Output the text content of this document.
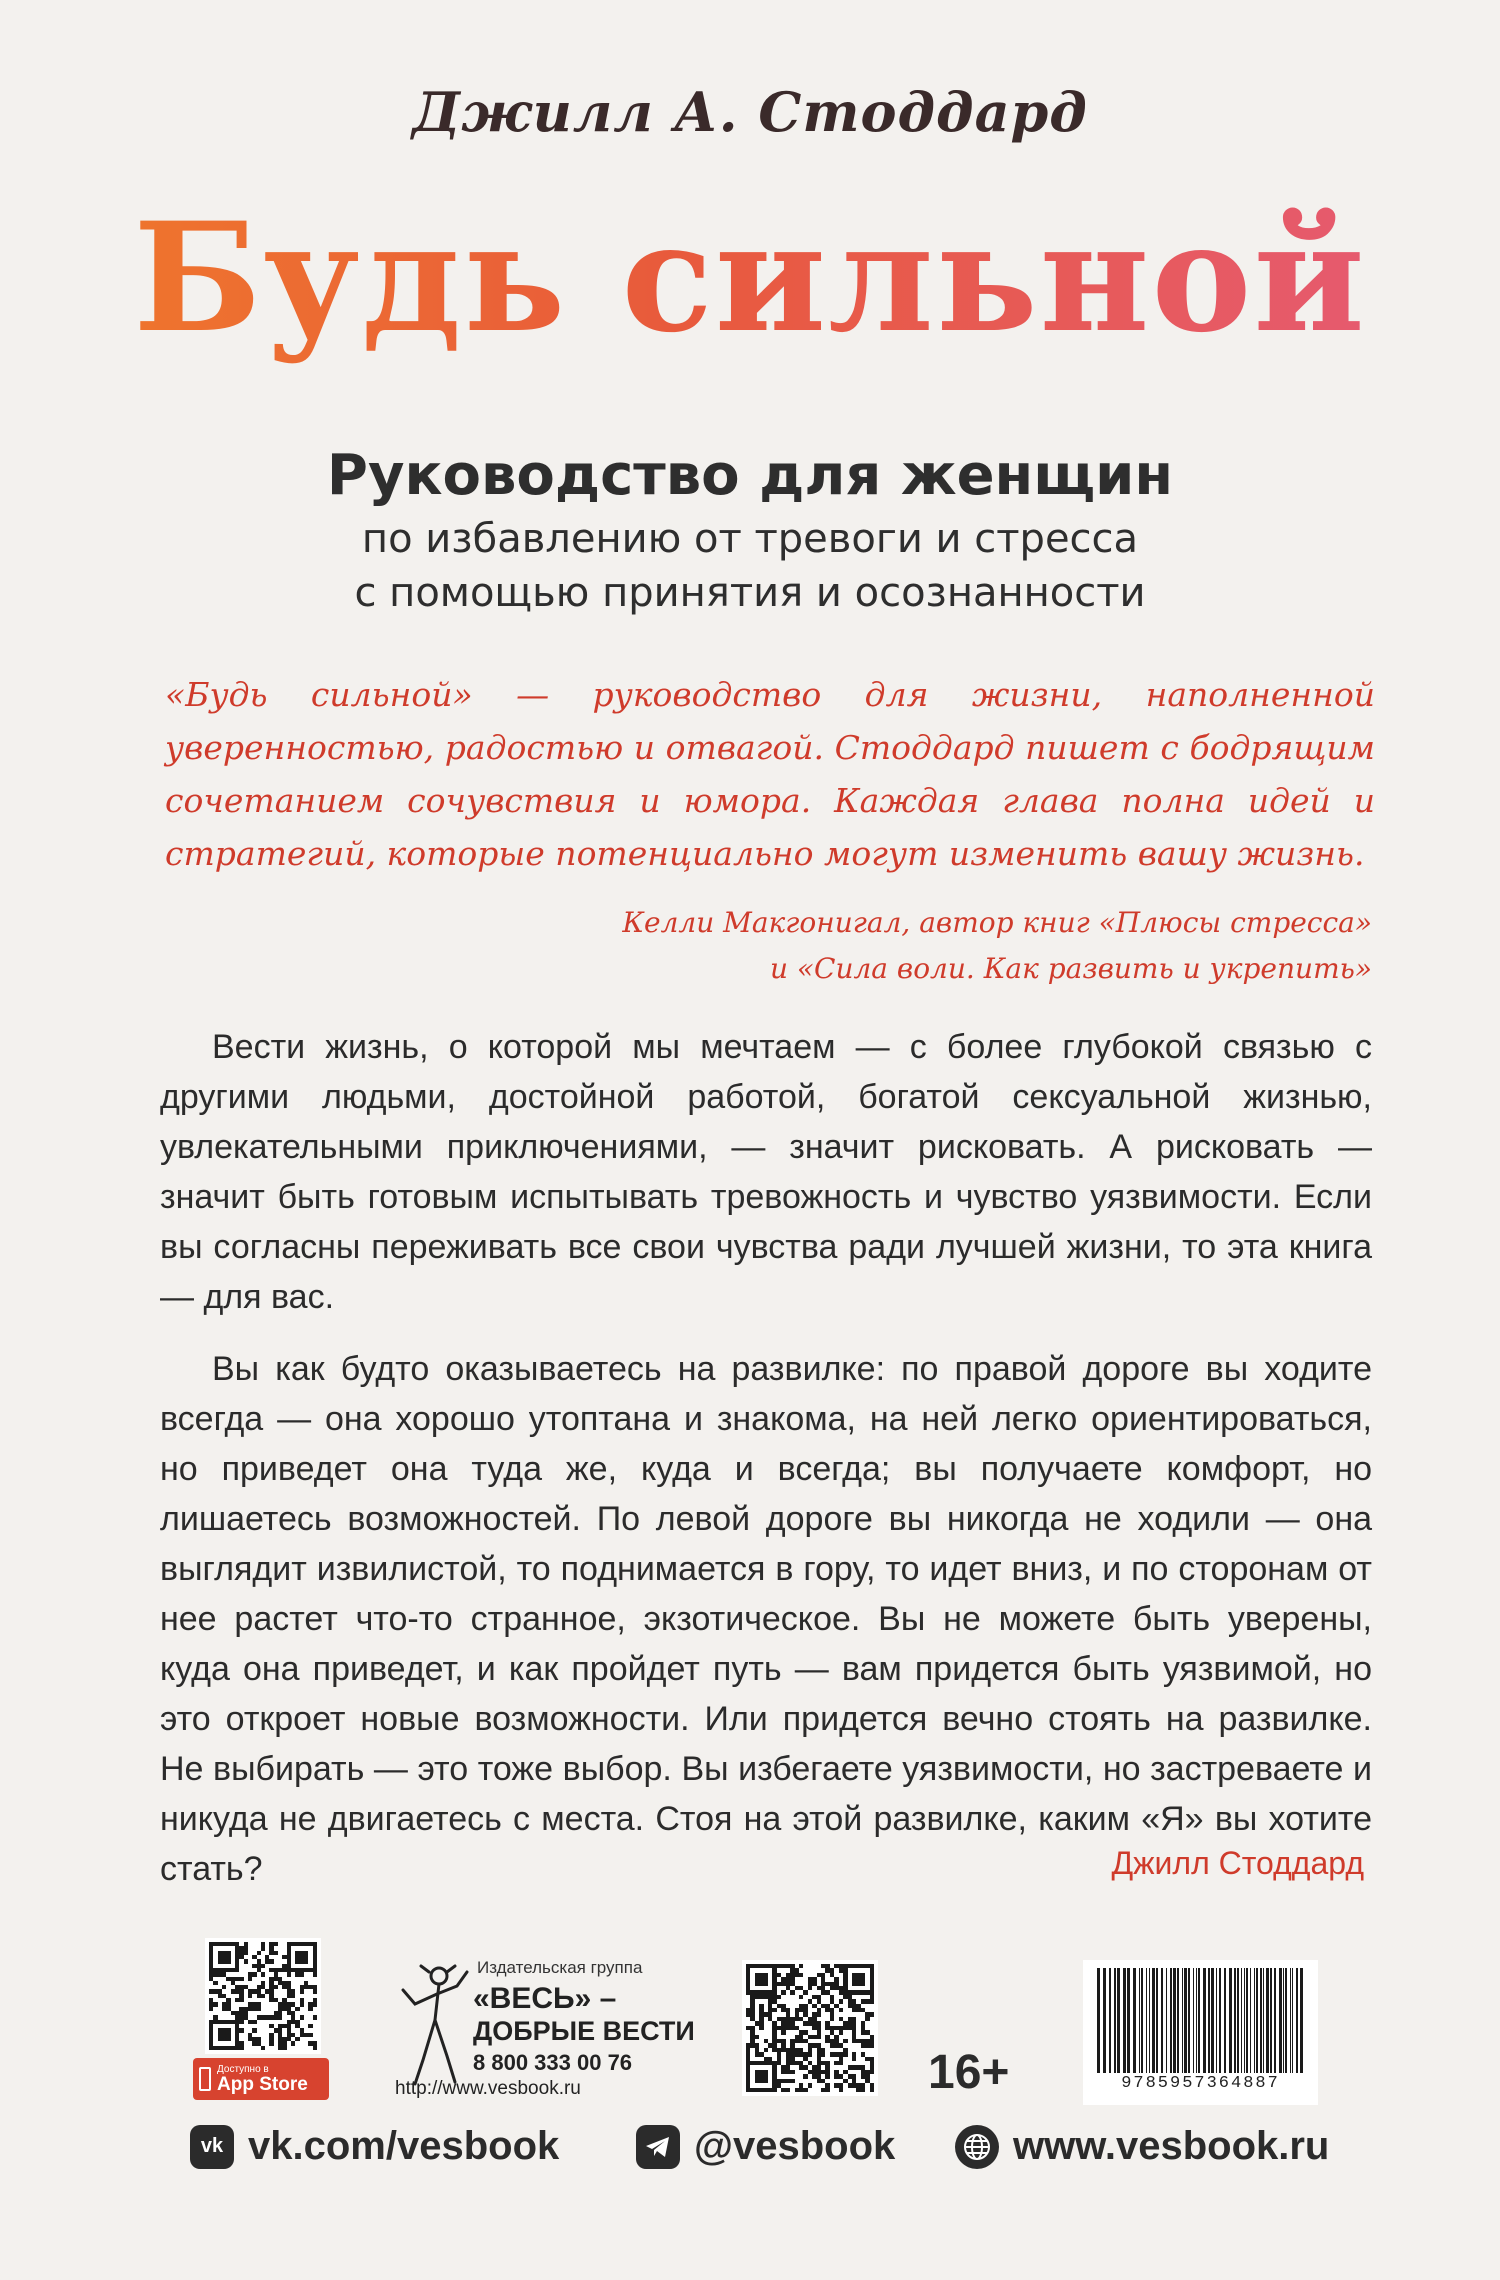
Джилл А. Стоддард
Будь сильной
Руководство для женщин
по избавлению от тревоги и стресса
с помощью принятия и осознанности
«Будь сильной» — руководство для жизни, наполненной уверенностью, радостью и отвагой. Стоддард пишет с бодрящим сочетанием сочувствия и юмора. Каждая глава полна идей и стратегий, которые потенциально могут изменить вашу жизнь.
Келли Макгонигал, автор книг «Плюсы стресса»
и «Сила воли. Как развить и укрепить»

Вести жизнь, о которой мы мечтаем — с более глубокой связью с другими людьми, достойной работой, богатой сексуальной жизнью, увлекательными приключениями, — значит рисковать. А рисковать — значит быть готовым испытывать тревожность и чувство уязвимости. Если вы согласны переживать все свои чувства ради лучшей жизни, то эта книга — для вас.

Вы как будто оказываетесь на развилке: по правой дороге вы ходите всегда — она хорошо утоптана и знакома, на ней легко ориентироваться, но приведет она туда же, куда и всегда; вы получаете комфорт, но лишаетесь возможностей. По левой дороге вы никогда не ходили — она выглядит извилистой, то поднимается в гору, то идет вниз, и по сторонам от нее растет что-то странное, экзотическое. Вы не можете быть уверены, куда она приведет, и как пройдет путь — вам придется быть уязвимой, но это откроет новые возможности. Или придется вечно стоять на развилке. Не выбирать — это тоже выбор. Вы избегаете уязвимости, но застреваете и никуда не двигаетесь с места. Стоя на этой развилке, каким «Я» вы хотите стать?	Джилл Стоддард
Доступно в
App Store
Издательская группа
«ВЕСЬ» –
ДОБРЫЕ ВЕСТИ
8 800 333 00 76
http://www.vesbook.ru	16+	9785957364887
vk vk.com/vesbook	@vesbook	www.vesbook.ru
